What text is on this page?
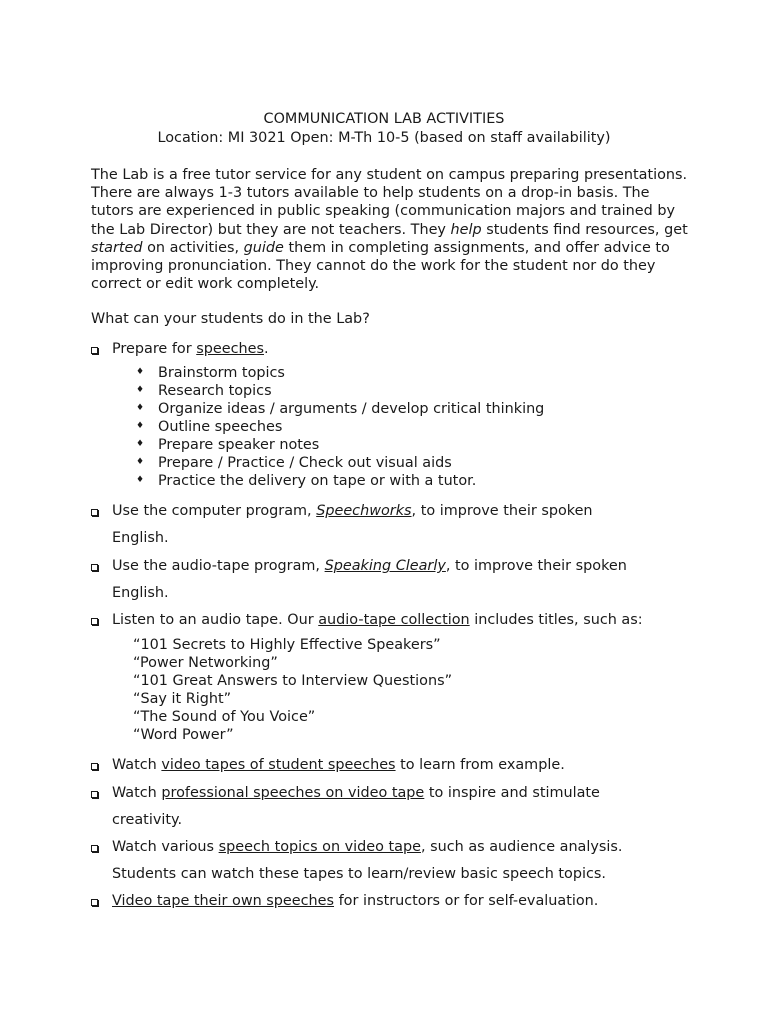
COMMUNICATION LAB ACTIVITIES
Location: MI 3021 Open: M-Th 10-5 (based on staff availability)

The Lab is a free tutor service for any student on campus preparing presentations. There are always 1-3 tutors available to help students on a drop-in basis. The tutors are experienced in public speaking (communication majors and trained by the Lab Director) but they are not teachers. They help students find resources, get started on activities, guide them in completing assignments, and offer advice to improving pronunciation. They cannot do the work for the student nor do they correct or edit work completely.

What can your students do in the Lab?
Prepare for speeches.
♦ Brainstorm topics
♦ Research topics
♦ Organize ideas / arguments / develop critical thinking
♦ Outline speeches
♦ Prepare speaker notes
♦ Prepare / Practice / Check out visual aids
♦ Practice the delivery on tape or with a tutor.
Use the computer program, Speechworks, to improve their spoken
English.
Use the audio-tape program, Speaking Clearly, to improve their spoken
English.
Listen to an audio tape. Our audio-tape collection includes titles, such as:
“101 Secrets to Highly Effective Speakers”
“Power Networking”
“101 Great Answers to Interview Questions”
“Say it Right”
“The Sound of You Voice”
“Word Power”
Watch video tapes of student speeches to learn from example.
Watch professional speeches on video tape to inspire and stimulate
creativity.
Watch various speech topics on video tape, such as audience analysis.
Students can watch these tapes to learn/review basic speech topics.
Video tape their own speeches for instructors or for self-evaluation.
